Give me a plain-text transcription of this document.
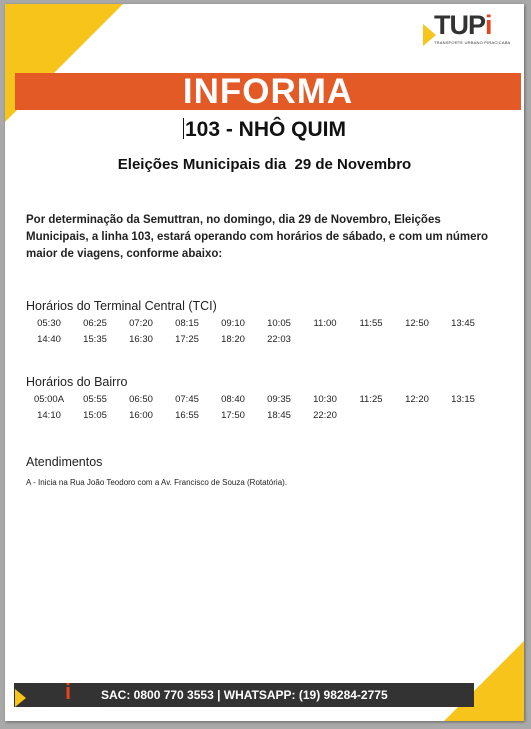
TUPi
TRANSPORTE URBANO PIRACICABA
INFORMA
103 - NHÔ QUIM
Eleições Municipais dia  29 de Novembro
Por determinação da Semuttran, no domingo, dia 29 de Novembro, Eleições Municipais, a linha 103, estará operando com horários de sábado, e com um número maior de viagens, conforme abaixo:
Horários do Terminal Central (TCI)
05:30	06:25	07:20	08:15	09:10	10:05	11:00	11:55	12:50	13:45
14:40	15:35	16:30	17:25	18:20	22:03
Horários do Bairro
05:00A	05:55	06:50	07:45	08:40	09:35	10:30	11:25	12:20	13:15
14:10	15:05	16:00	16:55	17:50	18:45	22:20
Atendimentos
A - Inicia na Rua João Teodoro com a Av. Francisco de Souza (Rotatória).
SAC: 0800 770 3553 | WHATSAPP: (19) 98284-2775
TUPi
TRANSPORTE URBANO PIRACICABA
